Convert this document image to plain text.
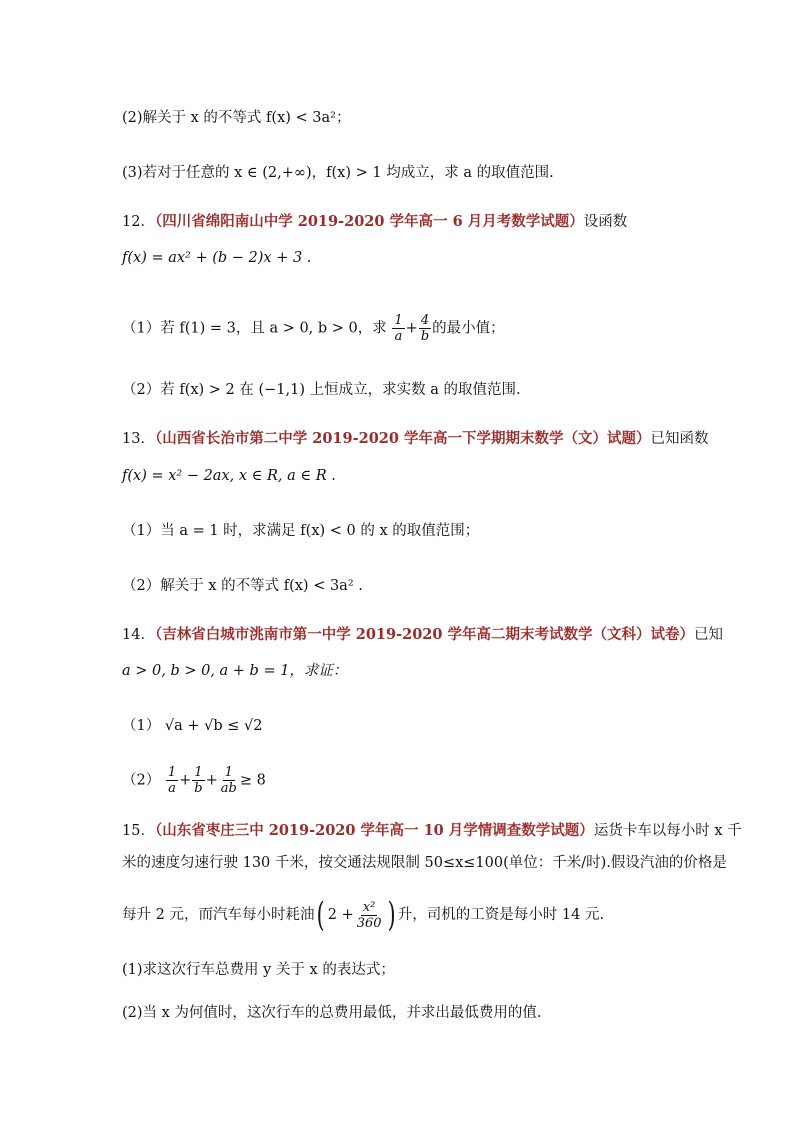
(2)解关于 x 的不等式 f(x) < 3a²；
(3)若对于任意的 x ∈ (2,+∞)，f(x) > 1 均成立，求 a 的取值范围.
12．（四川省绵阳南山中学 2019-2020 学年高一 6 月月考数学试题）设函数
f(x) = ax² + (b − 2)x + 3 .
（1）若 f(1) = 3，且 a > 0, b > 0，求 $\frac{1}{a} + \frac{4}{b}$ 的最小值；
（2）若 f(x) > 2 在 (−1,1) 上恒成立，求实数 a 的取值范围.
13．（山西省长治市第二中学 2019-2020 学年高一下学期期末数学（文）试题）已知函数
f(x) = x² − 2ax, x ∈ R, a ∈ R .
（1）当 a = 1 时，求满足 f(x) < 0 的 x 的取值范围；
（2）解关于 x 的不等式 f(x) < 3a² .
14．（吉林省白城市洮南市第一中学 2019-2020 学年高二期末考试数学（文科）试卷）已知
a > 0, b > 0, a + b = 1，求证：
（1） √a + √b ≤ √2
$(2) \frac{1}{a} + \frac{1}{b} + \frac{1}{ab} \ge 8$
15．（山东省枣庄三中 2019-2020 学年高一 10 月学情调查数学试题）运货卡车以每小时 x 千
米的速度匀速行驶 130 千米，按交通法规限制 50≤x≤100(单位：千米/时).假设汽油的价格是
每升 2 元，而汽车每小时耗油 ( $2 + \frac{\text{x²}}{360}$ ) 升，司机的工资是每小时 14 元.
(1)求这次行车总费用 y 关于 x 的表达式；
(2)当 x 为何值时，这次行车的总费用最低，并求出最低费用的值.
